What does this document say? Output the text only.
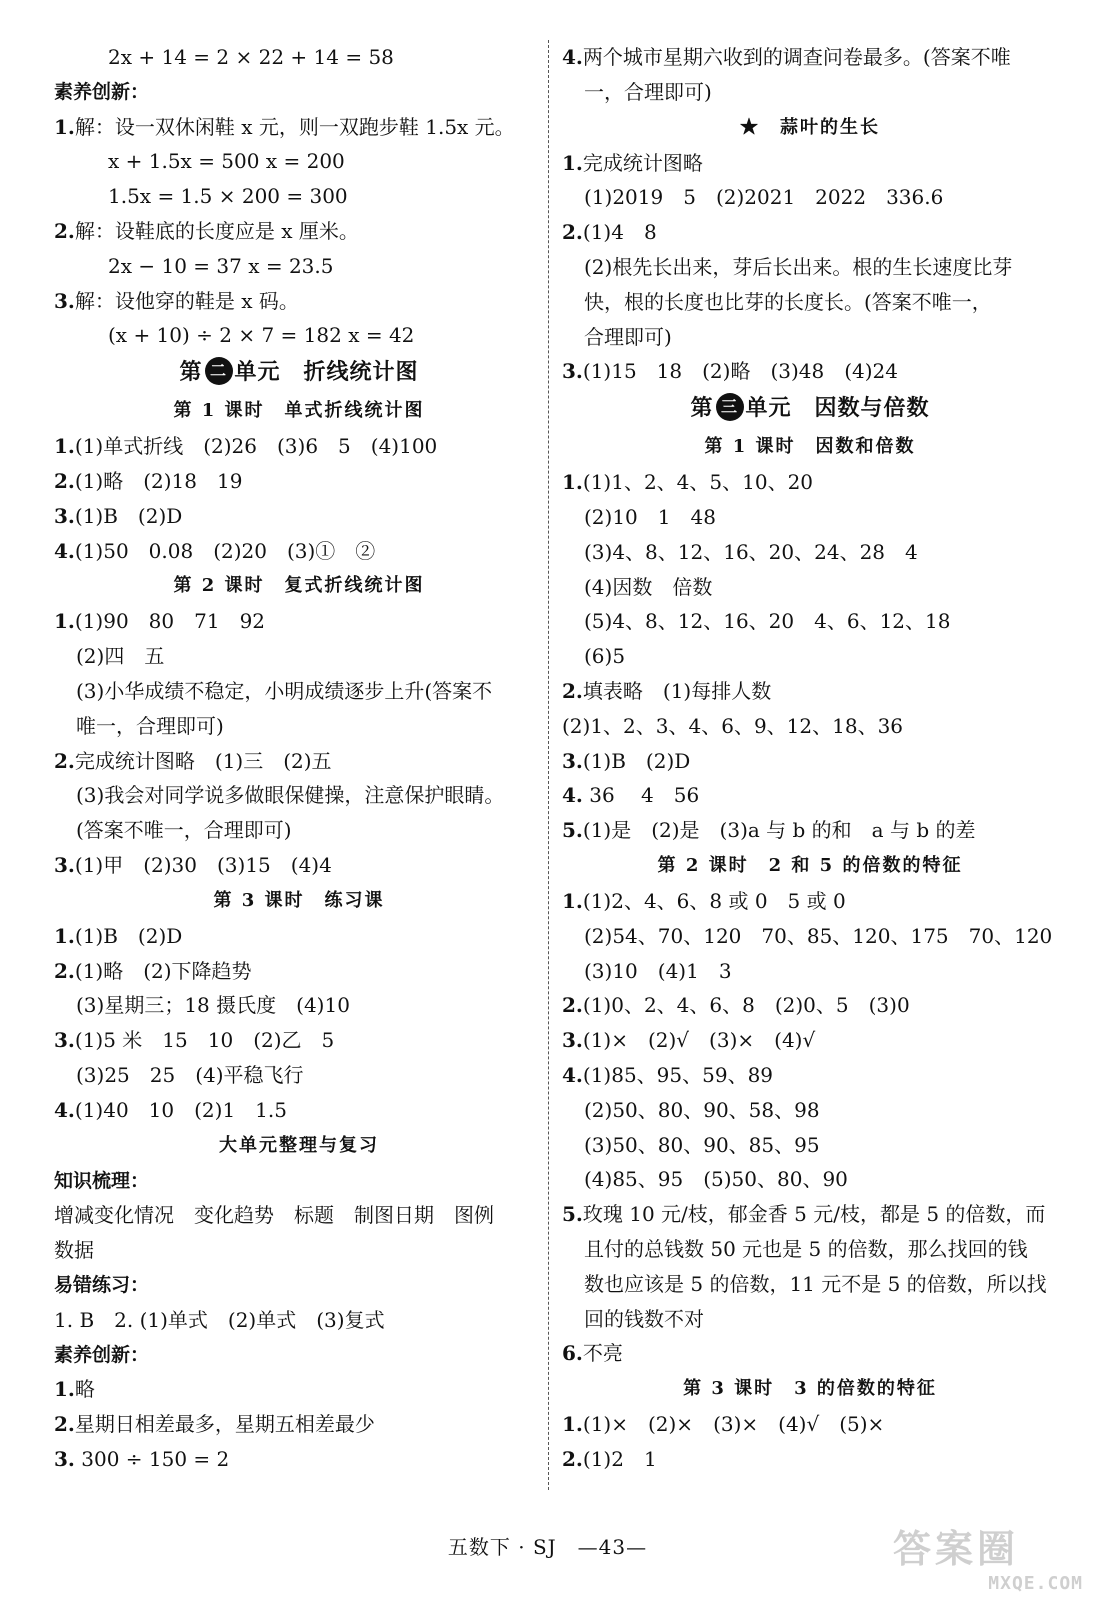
2x + 14 = 2 × 22 + 14 = 58
素养创新：
1.解：设一双休闲鞋 x 元，则一双跑步鞋 1.5x 元。
x + 1.5x = 500 x = 200
1.5x = 1.5 × 200 = 300
2.解：设鞋底的长度应是 x 厘米。
2x − 10 = 37 x = 23.5
3.解：设他穿的鞋是 x 码。
(x + 10) ÷ 2 × 7 = 182 x = 42
第 二 单元　折线统计图
第 1 课时　单式折线统计图
1.(1)单式折线　(2)26　(3)6　5　(4)100
2.(1)略　(2)18　19
3.(1)B　(2)D
4.(1)50　0.08　(2)20　(3)①　②
第 2 课时　复式折线统计图
1.(1)90　80　71　92
(2)四　五
(3)小华成绩不稳定，小明成绩逐步上升(答案不
唯一，合理即可)
2.完成统计图略　(1)三　(2)五
(3)我会对同学说多做眼保健操，注意保护眼睛。
(答案不唯一，合理即可)
3.(1)甲　(2)30　(3)15　(4)4
第 3 课时　练习课
1.(1)B　(2)D
2.(1)略　(2)下降趋势
(3)星期三；18 摄氏度　(4)10
3.(1)5 米　15　10　(2)乙　5
(3)25　25　(4)平稳飞行
4.(1)40　10　(2)1　1.5
大单元整理与复习
知识梳理：
增减变化情况　变化趋势　标题　制图日期　图例
数据
易错练习：
1. B　2. (1)单式　(2)单式　(3)复式
素养创新：
1.略
2.星期日相差最多，星期五相差最少
3. 300 ÷ 150 = 2
4.两个城市星期六收到的调查问卷最多。(答案不唯
一，合理即可)
★　蒜叶的生长
1.完成统计图略
(1)2019　5　(2)2021　2022　336.6
2.(1)4　8
(2)根先长出来，芽后长出来。根的生长速度比芽
快，根的长度也比芽的长度长。(答案不唯一，
合理即可)
3.(1)15　18　(2)略　(3)48　(4)24
第 三 单元　因数与倍数
第 1 课时　因数和倍数
1.(1)1、2、4、5、10、20
(2)10　1　48
(3)4、8、12、16、20、24、28　4
(4)因数　倍数
(5)4、8、12、16、20　4、6、12、18
(6)5
2.填表略　(1)每排人数
(2)1、2、3、4、6、9、12、18、36
3.(1)B　(2)D
4. 36　 4　56
5.(1)是　(2)是　(3)a 与 b 的和　a 与 b 的差
第 2 课时　2 和 5 的倍数的特征
1.(1)2、4、6、8 或 0　5 或 0
(2)54、70、120　70、85、120、175　70、120
(3)10　(4)1　3
2.(1)0、2、4、6、8　(2)0、5　(3)0
3.(1)×　(2)√　(3)×　(4)√
4.(1)85、95、59、89
(2)50、80、90、58、98
(3)50、80、90、85、95
(4)85、95　(5)50、80、90
5.玫瑰 10 元/枝，郁金香 5 元/枝，都是 5 的倍数，而
且付的总钱数 50 元也是 5 的倍数，那么找回的钱
数也应该是 5 的倍数，11 元不是 5 的倍数，所以找
回的钱数不对
6.不亮
第 3 课时　3 的倍数的特征
1.(1)×　(2)×　(3)×　(4)√　(5)×
2.(1)2　1
五数下 · SJ　—43—	答案圈
MXQE.COM
